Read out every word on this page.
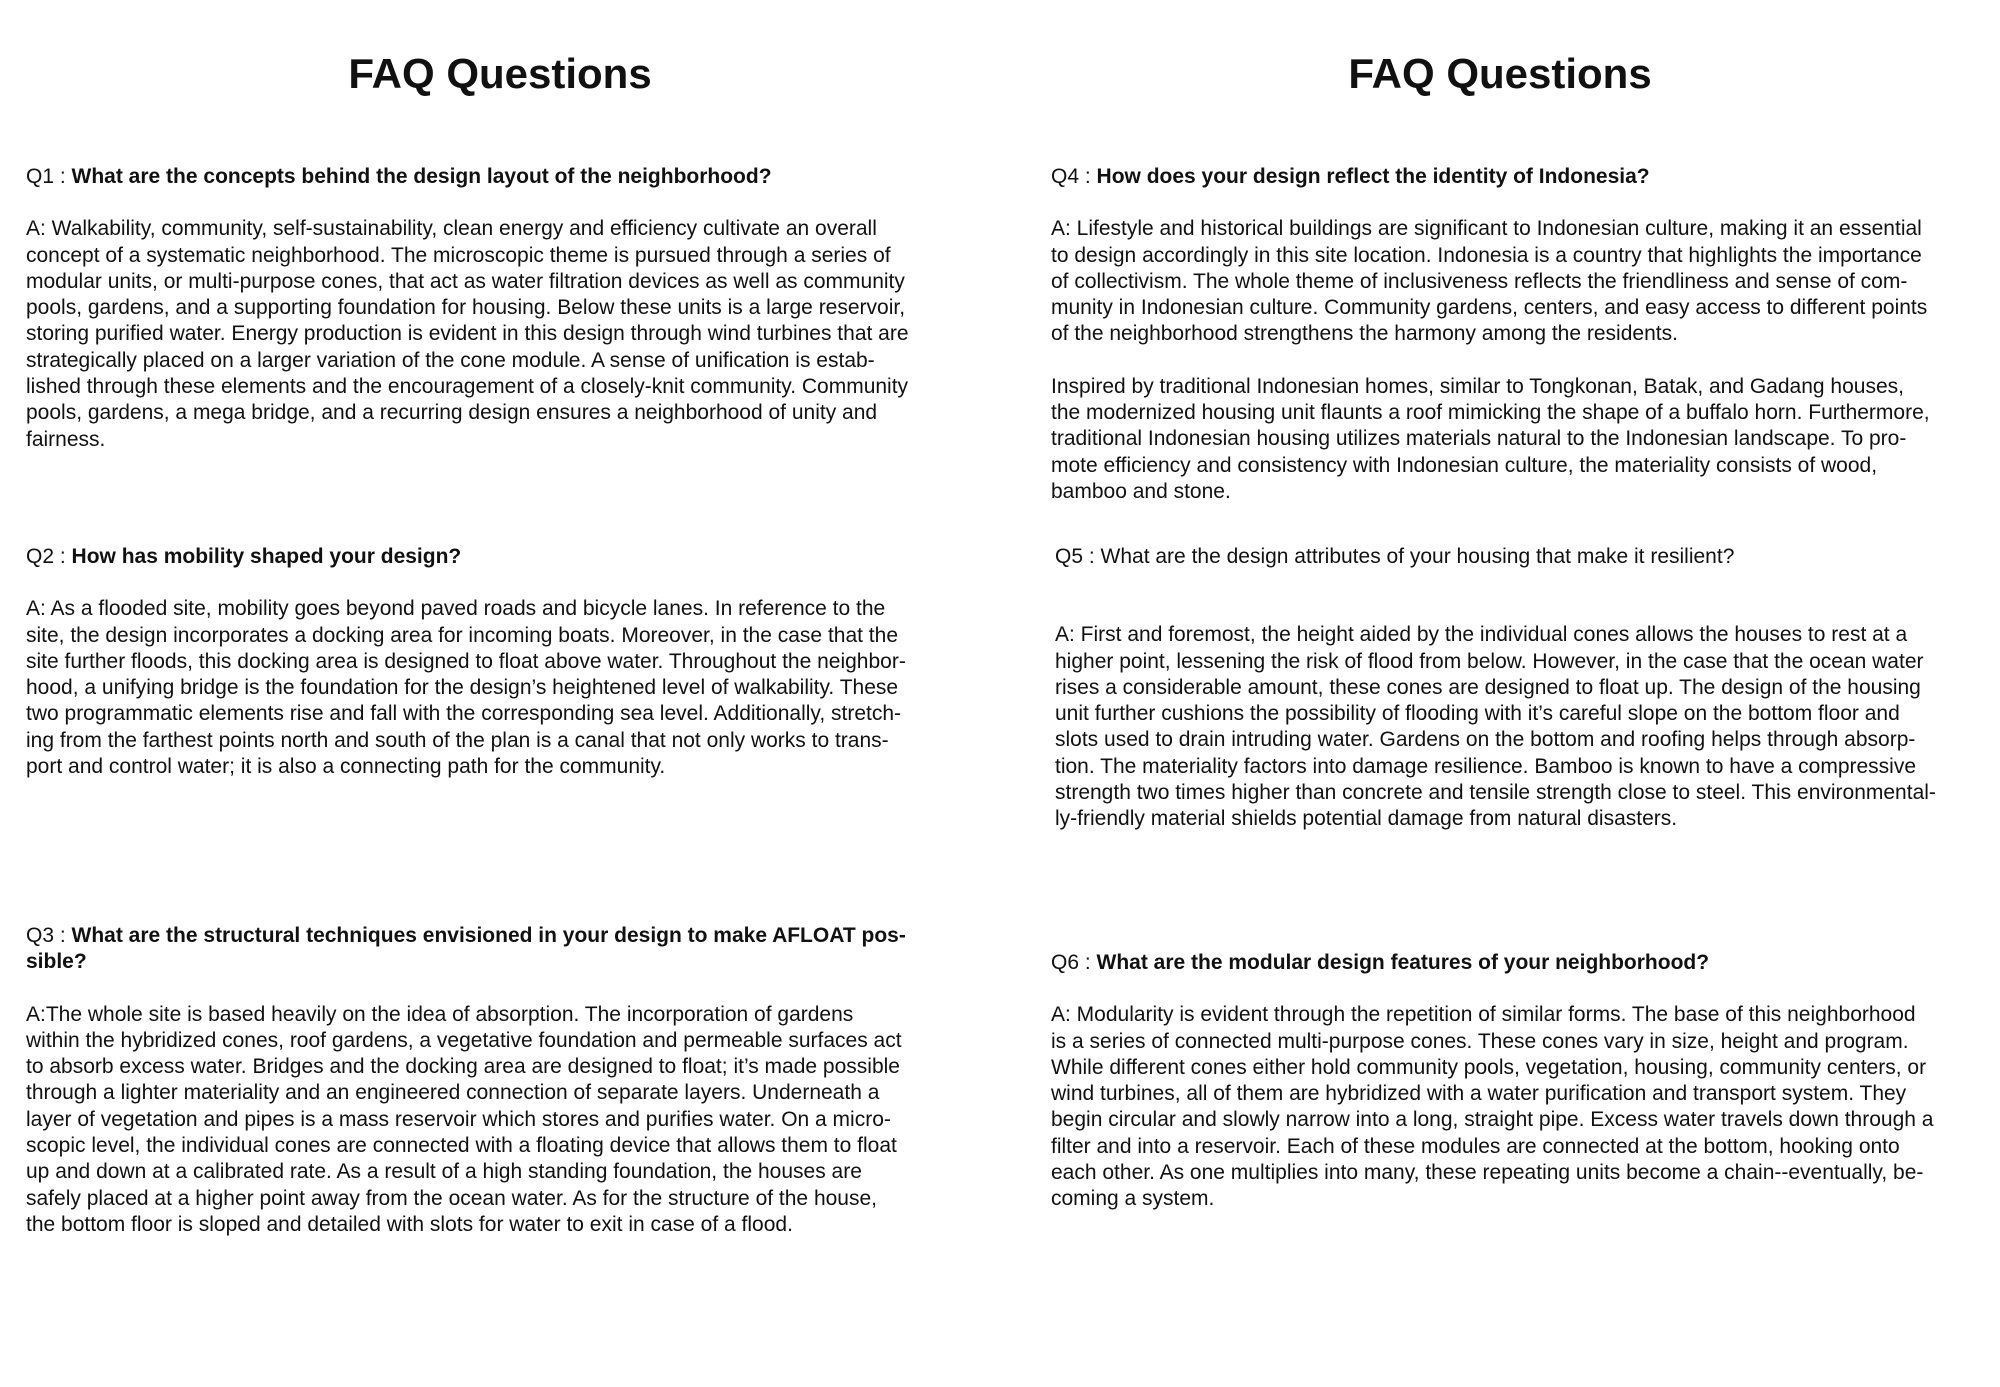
FAQ Questions	FAQ Questions

Q1 : What are the concepts behind the design layout of the neighborhood?

A: Walkability, community, self-sustainability, clean energy and efficiency cultivate an overall
concept of a systematic neighborhood. The microscopic theme is pursued through a series of
modular units, or multi-purpose cones, that act as water filtration devices as well as community
pools, gardens, and a supporting foundation for housing. Below these units is a large reservoir,
storing purified water. Energy production is evident in this design through wind turbines that are
strategically placed on a larger variation of the cone module. A sense of unification is estab-
lished through these elements and the encouragement of a closely-knit community. Community
pools, gardens, a mega bridge, and a recurring design ensures a neighborhood of unity and
fairness.

Q2 : How has mobility shaped your design?

A: As a flooded site, mobility goes beyond paved roads and bicycle lanes. In reference to the
site, the design incorporates a docking area for incoming boats. Moreover, in the case that the
site further floods, this docking area is designed to float above water. Throughout the neighbor-
hood, a unifying bridge is the foundation for the design’s heightened level of walkability. These
two programmatic elements rise and fall with the corresponding sea level. Additionally, stretch-
ing from the farthest points north and south of the plan is a canal that not only works to trans-
port and control water; it is also a connecting path for the community.

Q3 : What are the structural techniques envisioned in your design to make AFLOAT pos-
sible?

A:The whole site is based heavily on the idea of absorption. The incorporation of gardens
within the hybridized cones, roof gardens, a vegetative foundation and permeable surfaces act
to absorb excess water. Bridges and the docking area are designed to float; it’s made possible
through a lighter materiality and an engineered connection of separate layers. Underneath a
layer of vegetation and pipes is a mass reservoir which stores and purifies water. On a micro-
scopic level, the individual cones are connected with a floating device that allows them to float
up and down at a calibrated rate. As a result of a high standing foundation, the houses are
safely placed at a higher point away from the ocean water. As for the structure of the house,
the bottom floor is sloped and detailed with slots for water to exit in case of a flood.

Q4 : How does your design reflect the identity of Indonesia?

A: Lifestyle and historical buildings are significant to Indonesian culture, making it an essential
to design accordingly in this site location. Indonesia is a country that highlights the importance
of collectivism. The whole theme of inclusiveness reflects the friendliness and sense of com-
munity in Indonesian culture. Community gardens, centers, and easy access to different points
of the neighborhood strengthens the harmony among the residents.

Inspired by traditional Indonesian homes, similar to Tongkonan, Batak, and Gadang houses,
the modernized housing unit flaunts a roof mimicking the shape of a buffalo horn. Furthermore,
traditional Indonesian housing utilizes materials natural to the Indonesian landscape. To pro-
mote efficiency and consistency with Indonesian culture, the materiality consists of wood,
bamboo and stone.

Q5 : What are the design attributes of your housing that make it resilient?

A: First and foremost, the height aided by the individual cones allows the houses to rest at a
higher point, lessening the risk of flood from below. However, in the case that the ocean water
rises a considerable amount, these cones are designed to float up. The design of the housing
unit further cushions the possibility of flooding with it’s careful slope on the bottom floor and
slots used to drain intruding water. Gardens on the bottom and roofing helps through absorp-
tion. The materiality factors into damage resilience. Bamboo is known to have a compressive
strength two times higher than concrete and tensile strength close to steel. This environmental-
ly-friendly material shields potential damage from natural disasters.

Q6 : What are the modular design features of your neighborhood?

A: Modularity is evident through the repetition of similar forms. The base of this neighborhood
is a series of connected multi-purpose cones. These cones vary in size, height and program.
While different cones either hold community pools, vegetation, housing, community centers, or
wind turbines, all of them are hybridized with a water purification and transport system. They
begin circular and slowly narrow into a long, straight pipe. Excess water travels down through a
filter and into a reservoir. Each of these modules are connected at the bottom, hooking onto
each other. As one multiplies into many, these repeating units become a chain--eventually, be-
coming a system.
